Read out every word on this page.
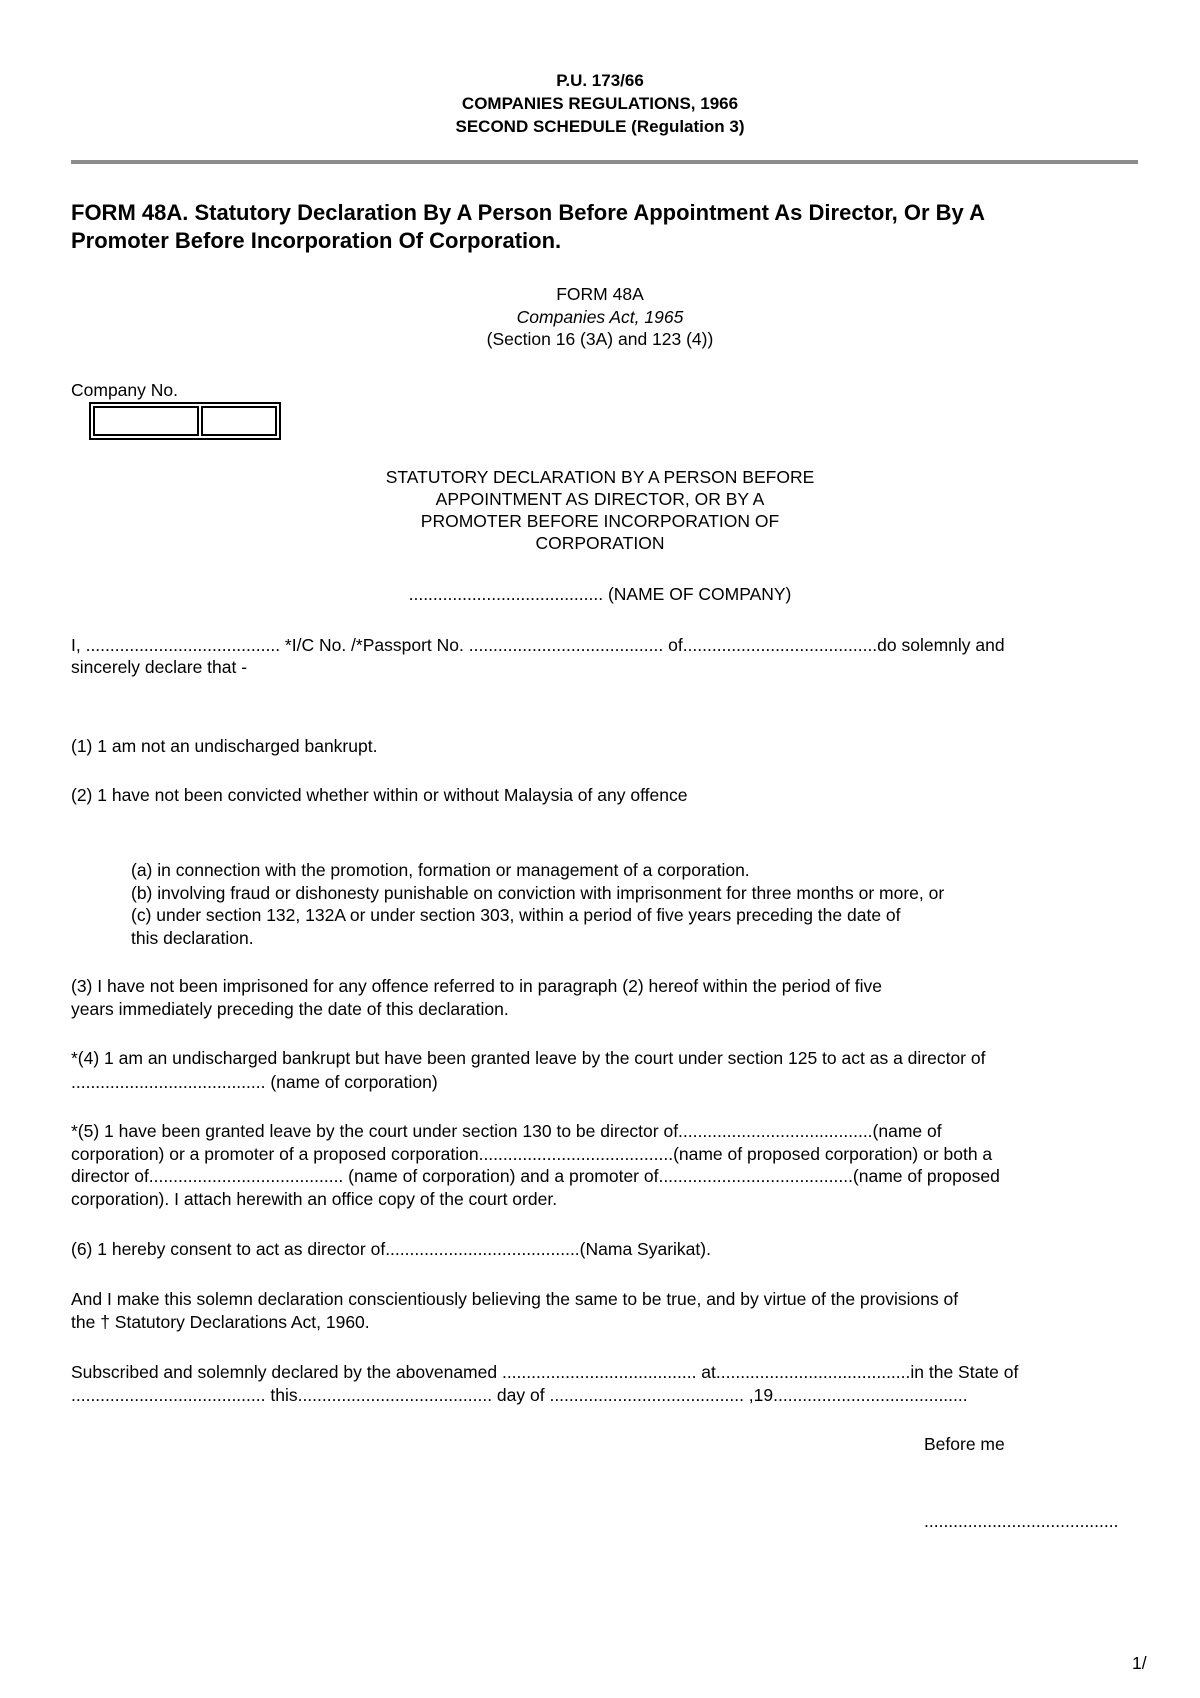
P.U. 173/66
COMPANIES REGULATIONS, 1966
SECOND SCHEDULE (Regulation 3)
FORM 48A. Statutory Declaration By A Person Before Appointment As Director, Or By A
Promoter Before Incorporation Of Corporation.
FORM 48A
Companies Act, 1965
(Section 16 (3A) and 123 (4))
Company No.
STATUTORY DECLARATION BY A PERSON BEFORE
APPOINTMENT AS DIRECTOR, OR BY A
PROMOTER BEFORE INCORPORATION OF
CORPORATION
........................................ (NAME OF COMPANY)
I, ........................................ *I/C No. /*Passport No. ........................................ of........................................do solemnly and
sincerely declare that -
(1) 1 am not an undischarged bankrupt.
(2) 1 have not been convicted whether within or without Malaysia of any offence
(a) in connection with the promotion, formation or management of a corporation.
(b) involving fraud or dishonesty punishable on conviction with imprisonment for three months or more, or
(c) under section 132, 132A or under section 303, within a period of five years preceding the date of
this declaration.
(3) I have not been imprisoned for any offence referred to in paragraph (2) hereof within the period of five
years immediately preceding the date of this declaration.
*(4) 1 am an undischarged bankrupt but have been granted leave by the court under section 125 to act as a director of
........................................ (name of corporation)
*(5) 1 have been granted leave by the court under section 130 to be director of........................................(name of
corporation) or a promoter of a proposed corporation........................................(name of proposed corporation) or both a
director of........................................ (name of corporation) and a promoter of........................................(name of proposed
corporation). I attach herewith an office copy of the court order.
(6) 1 hereby consent to act as director of........................................(Nama Syarikat).
And I make this solemn declaration conscientiously believing the same to be true, and by virtue of the provisions of
the † Statutory Declarations Act, 1960.
Subscribed and solemnly declared by the abovenamed ........................................ at........................................in the State of
........................................ this........................................ day of ........................................ ,19........................................
Before me
........................................
1/
